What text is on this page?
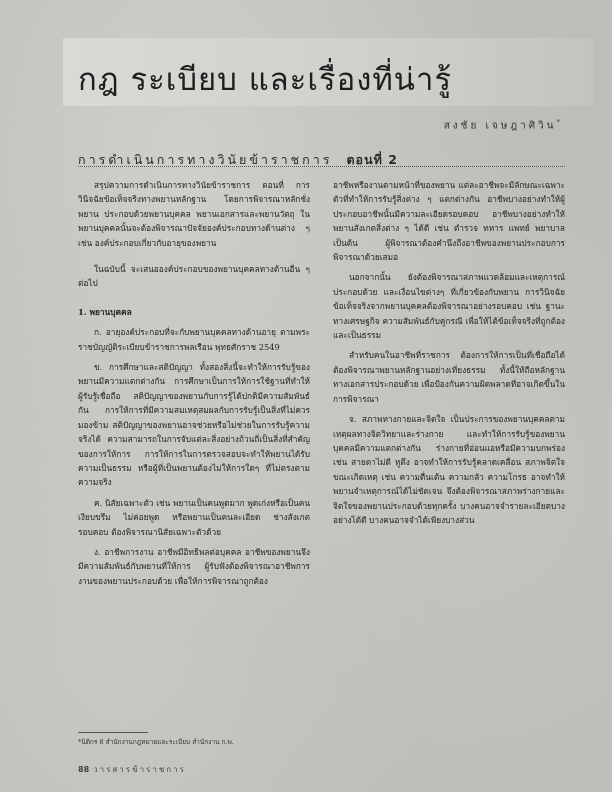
กฎ ระเบียบ และเรื่องที่น่ารู้
สงชัย เจษฎาศิวิน*
การดำเนินการทางวินัยข้าราชการ ตอนที่ 2

สรุปความการดำเนินการทางวินัยข้าราชการ ตอนที่ การวินิจฉัยข้อเท็จจริงทางพยานหลักฐาน โดยการพิจารณาหลักชั่งพยาน ประกอบด้วยพยานบุคคล พยานเอกสารและพยานวัตถุ ในพยานบุคคลนั้นจะต้องพิจารณาปัจจัยองค์ประกอบทางด้านต่าง ๆ เช่น องค์ประกอบเกี่ยวกับอายุของพยาน

ในฉบับนี้ จะเสนอองค์ประกอบของพยานบุคคลทางด้านอื่น ๆ ต่อไป

1. พยานบุคคล

ก. อายุองค์ประกอบที่จะกับพยานบุคคลทางด้านอายุ ตามพระราชบัญญัติระเบียบข้าราชการพลเรือน พุทธศักราช 2549

ข. การศึกษาและสติปัญญา ทั้งสองสิ่งนี้จะทำให้การรับรู้ของพยานมีความแตกต่างกัน การศึกษาเป็นการให้การใช้ฐานที่ทำให้ผู้รับรู้เชื่อถือ สติปัญญาของพยานกับการรู้ได้ปกติมีความสัมพันธ์กัน การให้การที่มีความสมเหตุสมผลกับการรับรู้เป็นสิ่งที่ไม่ควรมองข้าม สติปัญญาของพยานอาจช่วยหรือไม่ช่วยในการรับรู้ความจริงได้ ความสามารถในการจับแต่ละสิ่งอย่างถ้วนถี่เป็นสิ่งที่สำคัญของการให้การ การให้การในการตรวจสอบจะทำให้พยานได้รับความเป็นธรรม หรือผู้ที่เป็นพยานต้องไม่ให้การใดๆ ที่ไม่ตรงตามความจริง

ค. นิสัยเฉพาะตัว เช่น พยานเป็นคนพูดมาก พูดเก่งหรือเป็นคนเงียบขรึม ไม่ค่อยพูด หรือพยานเป็นคนละเอียด ช่างสังเกต รอบคอบ ต้องพิจารณานิสัยเฉพาะตัวด้วย

ง. อาชีพการงาน อาชีพมีอิทธิพลต่อบุคคล อาชีพของพยานจึงมีความสัมพันธ์กับพยานที่ให้การ ผู้รับฟังต้องพิจารณาอาชีพการงานของพยานประกอบด้วย เพื่อให้การพิจารณาถูกต้อง

อาชีพหรืองานตามหน้าที่ของพยาน แต่ละอาชีพจะมีลักษณะเฉพาะตัวที่ทำให้การรับรู้สิ่งต่าง ๆ แตกต่างกัน อาชีพบางอย่างทำให้ผู้ประกอบอาชีพนั้นมีความละเอียดรอบคอบ อาชีพบางอย่างทำให้พยานสังเกตสิ่งต่าง ๆ ได้ดี เช่น ตำรวจ ทหาร แพทย์ พยาบาล เป็นต้น ผู้พิจารณาต้องคำนึงถึงอาชีพของพยานประกอบการพิจารณาด้วยเสมอ

นอกจากนั้น ยังต้องพิจารณาสภาพแวดล้อมและเหตุการณ์ประกอบด้วย และเงื่อนไขต่างๆ ที่เกี่ยวข้องกับพยาน การวินิจฉัยข้อเท็จจริงจากพยานบุคคลต้องพิจารณาอย่างรอบคอบ เช่น ฐานะทางเศรษฐกิจ ความสัมพันธ์กับคู่กรณี เพื่อให้ได้ข้อเท็จจริงที่ถูกต้องและเป็นธรรม

สำหรับคนในอาชีพที่ราชการ ต้องการให้การเป็นที่เชื่อถือได้ ต้องพิจารณาพยานหลักฐานอย่างเที่ยงธรรม ทั้งนี้ให้ถือหลักฐานทางเอกสารประกอบด้วย เพื่อป้องกันความผิดพลาดที่อาจเกิดขึ้นในการพิจารณา

จ. สภาพทางกายและจิตใจ เป็นประการของพยานบุคคลตามเหตุผลทางจิตวิทยาและร่างกาย และทำให้การรับรู้ของพยานบุคคลมีความแตกต่างกัน ร่างกายที่อ่อนแอหรือมีความบกพร่อง เช่น สายตาไม่ดี หูตึง อาจทำให้การรับรู้คลาดเคลื่อน สภาพจิตใจขณะเกิดเหตุ เช่น ความตื่นเต้น ความกลัว ความโกรธ อาจทำให้พยานจำเหตุการณ์ได้ไม่ชัดเจน จึงต้องพิจารณาสภาพร่างกายและจิตใจของพยานประกอบด้วยทุกครั้ง บางคนอาจจำรายละเอียดบางอย่างได้ดี บางคนอาจจำได้เพียงบางส่วน

*นิติกร 8 สำนักงานกฎหมายและระเบียบ สำนักงาน ก.พ.
88 วารสารข้าราชการ
